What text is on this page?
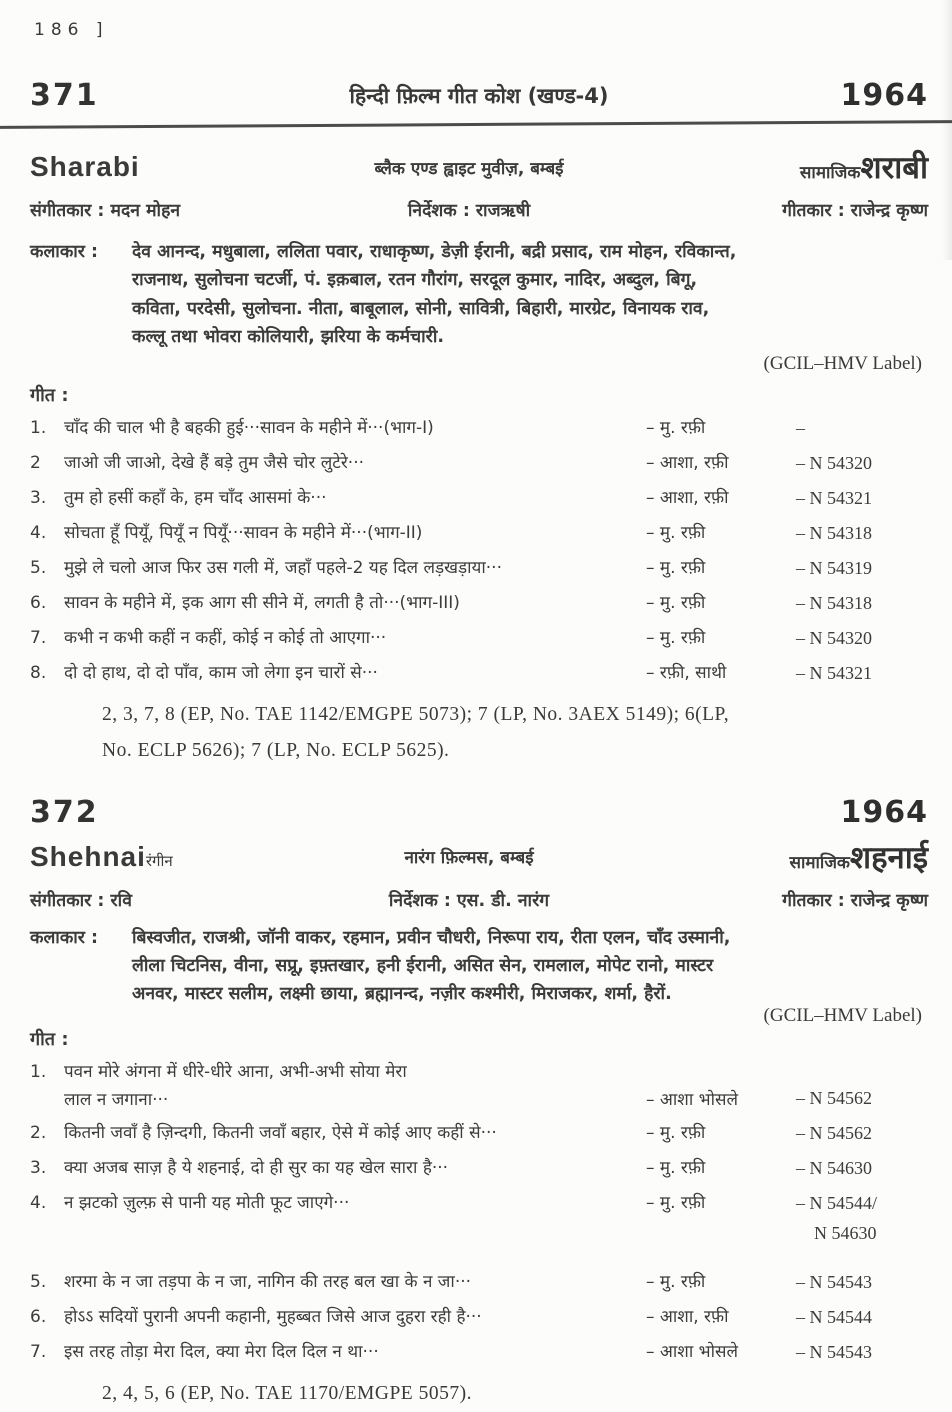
186 ]
371	हिन्दी फ़िल्म गीत कोश (खण्ड-4)	1964
Sharabi	ब्लैक एण्ड ह्वाइट मुवीज़, बम्बई	सामाजिकशराबी
संगीतकार : मदन मोहन	निर्देशक : राजऋषी	गीतकार : राजेन्द्र कृष्ण
कलाकार :	देव आनन्द, मधुबाला, ललिता पवार, राधाकृष्ण, डेज़ी ईरानी, बद्री प्रसाद, राम मोहन, रविकान्त,
राजनाथ, सुलोचना चटर्जी, पं. इक़बाल, रतन गौरांग, सरदूल कुमार, नादिर, अब्दुल, बिगू,
कविता, परदेसी, सुलोचना. नीता, बाबूलाल, सोनी, सावित्री, बिहारी, मारग्रेट, विनायक राव,
कल्लू तथा भोवरा कोलियारी, झरिया के कर्मचारी.
(GCIL–HMV Label)
गीत :
1.	चाँद की चाल भी है बहकी हुई···सावन के महीने में···(भाग-I)	– मु. रफ़ी	–
2	जाओ जी जाओ, देखे हैं बड़े तुम जैसे चोर लुटेरे···	– आशा, रफ़ी	– N 54320
3.	तुम हो हसीं कहाँ के, हम चाँद आसमां के···	– आशा, रफ़ी	– N 54321
4.	सोचता हूँ पियूँ, पियूँ न पियूँ···सावन के महीने में···(भाग-II)	– मु. रफ़ी	– N 54318
5.	मुझे ले चलो आज फिर उस गली में, जहाँ पहले-2 यह दिल लड़खड़ाया···	– मु. रफ़ी	– N 54319
6.	सावन के महीने में, इक आग सी सीने में, लगती है तो···(भाग-III)	– मु. रफ़ी	– N 54318
7.	कभी न कभी कहीं न कहीं, कोई न कोई तो आएगा···	– मु. रफ़ी	– N 54320
8.	दो दो हाथ, दो दो पाँव, काम जो लेगा इन चारों से···	– रफ़ी, साथी	– N 54321
2, 3, 7, 8 (EP, No. TAE 1142/EMGPE 5073); 7 (LP, No. 3AEX 5149); 6(LP,
No. ECLP 5626); 7 (LP, No. ECLP 5625).
372	1964
Shehnaiरंगीन	नारंग फ़िल्मस, बम्बई	सामाजिकशहनाई
संगीतकार : रवि	निर्देशक : एस. डी. नारंग	गीतकार : राजेन्द्र कृष्ण
कलाकार :	बिस्वजीत, राजश्री, जॉनी वाकर, रहमान, प्रवीन चौधरी, निरूपा राय, रीता एलन, चाँद उस्मानी,
लीला चिटनिस, वीना, सप्रू, इफ़्तखार, हनी ईरानी, असित सेन, रामलाल, मोपेट रानो, मास्टर
अनवर, मास्टर सलीम, लक्ष्मी छाया, ब्रह्मानन्द, नज़ीर कश्मीरी, मिराजकर, शर्मा, हैरों.
(GCIL–HMV Label)
गीत :
1.	पवन मोरे अंगना में धीरे-धीरे आना, अभी-अभी सोया मेरा
लाल न जगाना···	– आशा भोसले	– N 54562
2.	कितनी जवाँ है ज़िन्दगी, कितनी जवाँ बहार, ऐसे में कोई आए कहीं से···	– मु. रफ़ी	– N 54562
3.	क्या अजब साज़ है ये शहनाई, दो ही सुर का यह खेल सारा है···	– मु. रफ़ी	– N 54630
4.	न झटको ज़ुल्फ़ से पानी यह मोती फूट जाएगे···	– मु. रफ़ी	– N 54544/
N 54630
5.	शरमा के न जा तड़पा के न जा, नागिन की तरह बल खा के न जा···	– मु. रफ़ी	– N 54543
6.	होऽऽ सदियों पुरानी अपनी कहानी, मुहब्बत जिसे आज दुहरा रही है···	– आशा, रफ़ी	– N 54544
7.	इस तरह तोड़ा मेरा दिल, क्या मेरा दिल दिल न था···	– आशा भोसले	– N 54543
2, 4, 5, 6 (EP, No. TAE 1170/EMGPE 5057).
